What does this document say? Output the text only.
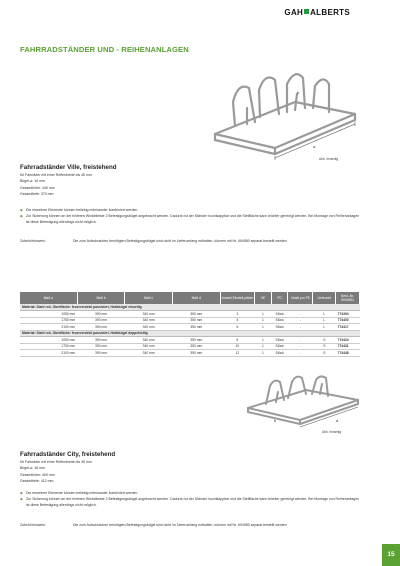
GAH ALBERTS
FAHRRADSTÄNDER UND - REIHENANLAGEN
a
b
Abb. einseitig
Fahrradständer Ville, freistehend
für Fahrräder mit einer Reifenbreite bis 45 mm
Bügel-⌀: 16 mm
Gesamthöhe: 446 mm
Gesamttiefe: 370 mm
◆ Die einzelnen Elemente können beliebig miteinander kombiniert werden.
◆ Zur Sicherung können an der hinteren Winkelleiste 2 Befestigungsbügel angebracht werden. Dadurch ist der Ständer hochklappbar und die Stellfläche kann leichter gereinigt werden. Bei Montage von Reihenanlagen ist diese Befestigung allerdings nicht möglich.
Zubehörhinweis:	Die zum Aufschrauben benötigten Befestigungsbügel sind nicht im Lieferumfang enthalten, können mit Nr. 694980 separat bestellt werden
Maß a	Maß b	Maß c	Maß d	Anzahl Einstell-plätze	VE	PC	Inhalt pro PE	Lieferzeit	Best.-Nr. 6004554
Material: Stahl roh, Oberfläche: feuerverzinkt passiviert, Haltebügel einseitig									
1050 mm	390 mm	340 mm	350 mm	3	1	Stück	-	L	774394
1750 mm	390 mm	340 mm	350 mm	5	1	Stück	-	L	774400
2100 mm	390 mm	340 mm	350 mm	6	1	Stück	-	L	774417
Material: Stahl roh, Oberfläche: feuerverzinkt passiviert, Haltebügel doppelseitig									
1050 mm	390 mm	340 mm	350 mm	6	1	Stück	-	S	774424
1750 mm	390 mm	340 mm	350 mm	10	1	Stück	-	S	774431
2100 mm	390 mm	340 mm	350 mm	12	1	Stück	-	S	774448
a
b
Abb. einseitig
Fahrradständer City, freistehend
für Fahrräder mit einer Reifenbreite bis 45 mm
Bügel-⌀: 16 mm
Gesamthöhe: 409 mm
Gesamttiefe: 412 mm
◆ Die einzelnen Elemente können beliebig miteinander kombiniert werden.
◆ Zur Sicherung können an der hinteren Winkelleiste 2 Befestigungsbügel angebracht werden. Dadurch ist der Ständer hochklappbar und die Stellfläche kann leichter gereinigt werden. Bei Montage von Reihenanlagen ist diese Befestigung allerdings nicht möglich.
Zubehörhinweis:	Die zum Aufschrauben benötigten Befestigungsbügel sind nicht im Lieferumfang enthalten, können mit Nr. 694980 separat bestellt werden
15
